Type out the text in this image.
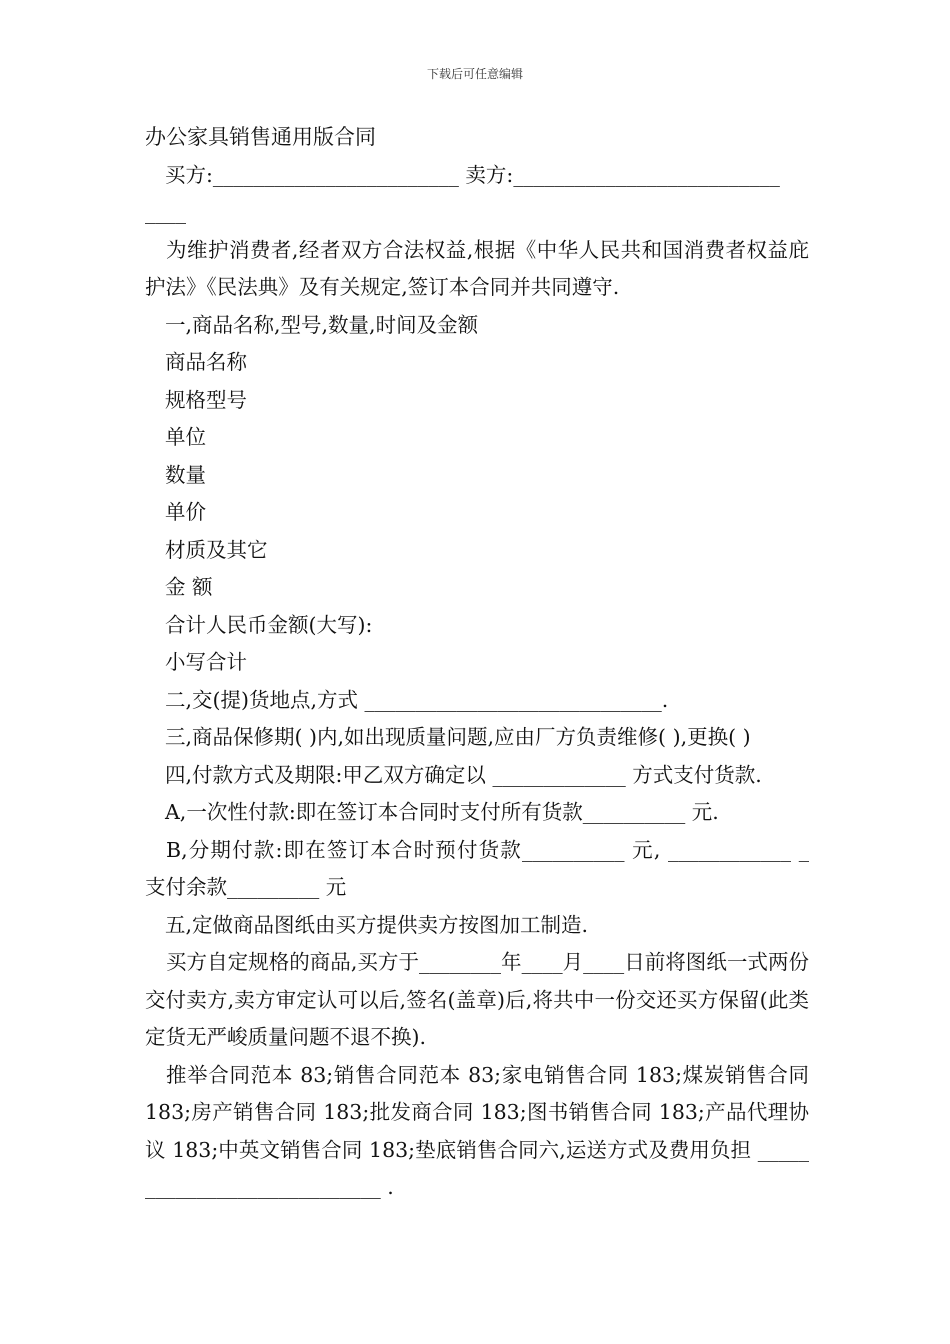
下载后可任意编辑

办公家具销售通用版合同

买方:________________________ 卖方:__________________________

____

为维护消费者,经者双方合法权益,根据《中华人民共和国消费者权益庇护法》《民法典》及有关规定,签订本合同并共同遵守.

一,商品名称,型号,数量,时间及金额

商品名称

规格型号

单位

数量

单价

材质及其它

金 额

合计人民币金额(大写):

小写合计

二,交(提)货地点,方式 _____________________________.

三,商品保修期( )内,如出现质量问题,应由厂方负责维修( ),更换( )

四,付款方式及期限:甲乙双方确定以 _____________ 方式支付货款.

A,一次性付款:即在签订本合同时支付所有货款__________ 元.

B,分期付款:即在签订本合时预付货款__________ 元, ____________ _ 支付余款_________ 元

五,定做商品图纸由买方提供卖方按图加工制造.

买方自定规格的商品,买方于________年____月____日前将图纸一式两份交付卖方,卖方审定认可以后,签名(盖章)后,将共中一份交还买方保留(此类定货无严峻质量问题不退不换).

推举合同范本 83;销售合同范本 83;家电销售合同 183;煤炭销售合同 183;房产销售合同 183;批发商合同 183;图书销售合同 183;产品代理协议 183;中英文销售合同 183;垫底销售合同六,运送方式及费用负担 ____________________________ .
